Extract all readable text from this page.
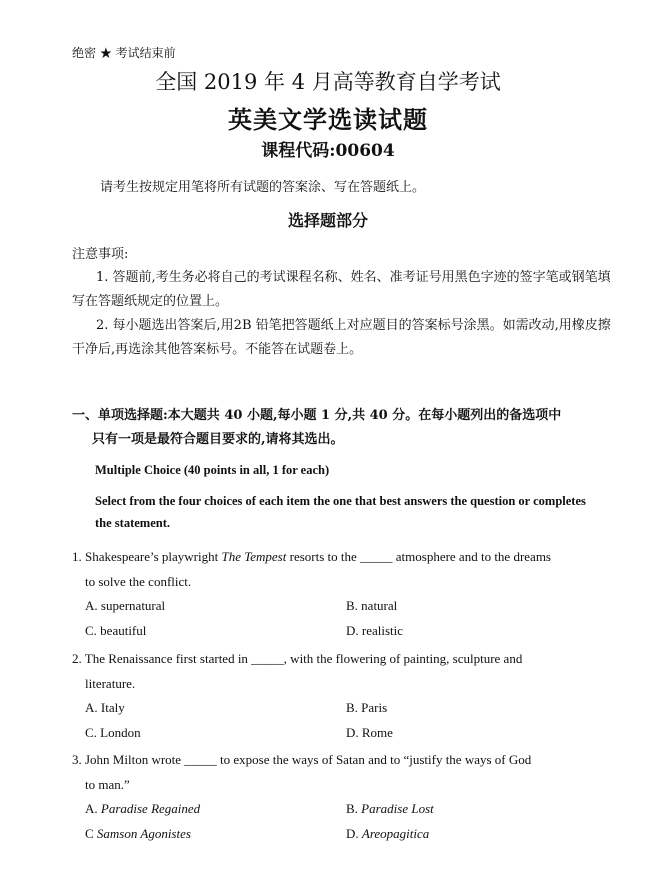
绝密 ★ 考试结束前
全国 2019 年 4 月高等教育自学考试
英美文学选读试题
课程代码:00604
请考生按规定用笔将所有试题的答案涂、写在答题纸上。
选择题部分
注意事项:
1. 答题前,考生务必将自己的考试课程名称、姓名、准考证号用黑色字迹的签字笔或钢笔填写在答题纸规定的位置上。
2. 每小题选出答案后,用2B 铅笔把答题纸上对应题目的答案标号涂黑。如需改动,用橡皮擦干净后,再选涂其他答案标号。不能答在试题卷上。
一、单项选择题:本大题共 40 小题,每小题 1 分,共 40 分。在每小题列出的备选项中
只有一项是最符合题目要求的,请将其选出。
Multiple Choice (40 points in all, 1 for each)
Select from the four choices of each item the one that best answers the question or completes the statement.
1. Shakespeare’s playwright The Tempest resorts to the _____ atmosphere and to the dreams
to solve the conflict.
A. supernatural	B. natural
C. beautiful	D. realistic
2. The Renaissance first started in _____, with the flowering of painting, sculpture and
literature.
A. Italy	B. Paris
C. London	D. Rome
3. John Milton wrote _____ to expose the ways of Satan and to “justify the ways of God
to man.”
A. Paradise Regained	B. Paradise Lost
C Samson Agonistes	D. Areopagitica
